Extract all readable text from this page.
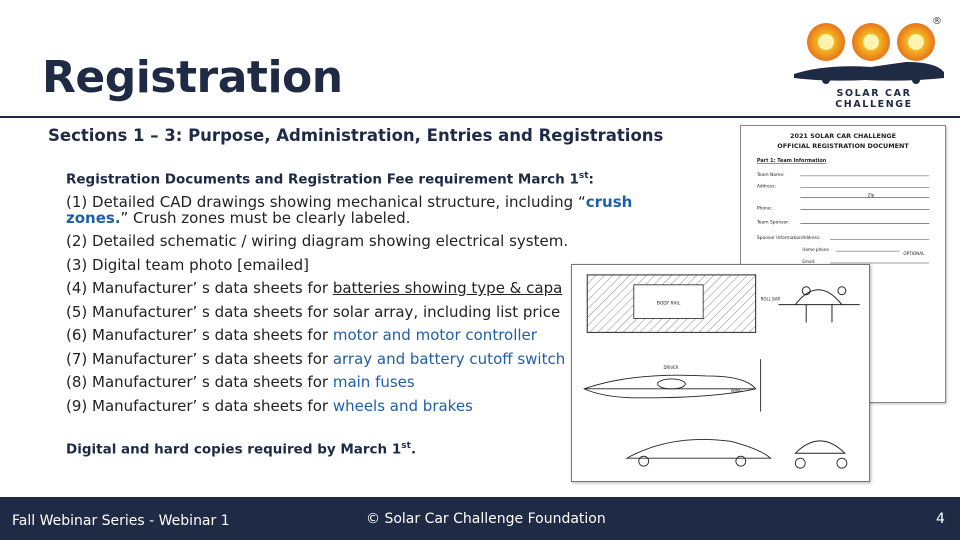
Registration	SOLAR CAR CHALLENGE
®
Sections 1 – 3: Purpose, Administration, Entries and Registrations
Registration Documents and Registration Fee requirement March 1st:
(1) Detailed CAD drawings showing mechanical structure, including “crush
zones.” Crush zones must be clearly labeled.
(2) Detailed schematic / wiring diagram showing electrical system.
(3) Digital team photo [emailed]
(4) Manufacturer’ s data sheets for batteries showing type & capa
(5) Manufacturer’ s data sheets for solar array, including list price
(6) Manufacturer’ s data sheets for motor and motor controller
(7) Manufacturer’ s data sheets for array and battery cutoff switch
(8) Manufacturer’ s data sheets for main fuses
(9) Manufacturer’ s data sheets for wheels and brakes
Digital and hard copies required by March 1st.
2021 SOLAR CAR CHALLENGE
OFFICIAL REGISTRATION DOCUMENT
Part 1: Team Information
Team Name:
Address:
Zip
Phone:
Team Sponsor:
Sponsor Information:
Address:
Home phone
OPTIONAL
Email:
BODY RAIL
ROLL BAR
DRIVER
WING
Fall Webinar Series - Webinar 1	© Solar Car Challenge Foundation	4
